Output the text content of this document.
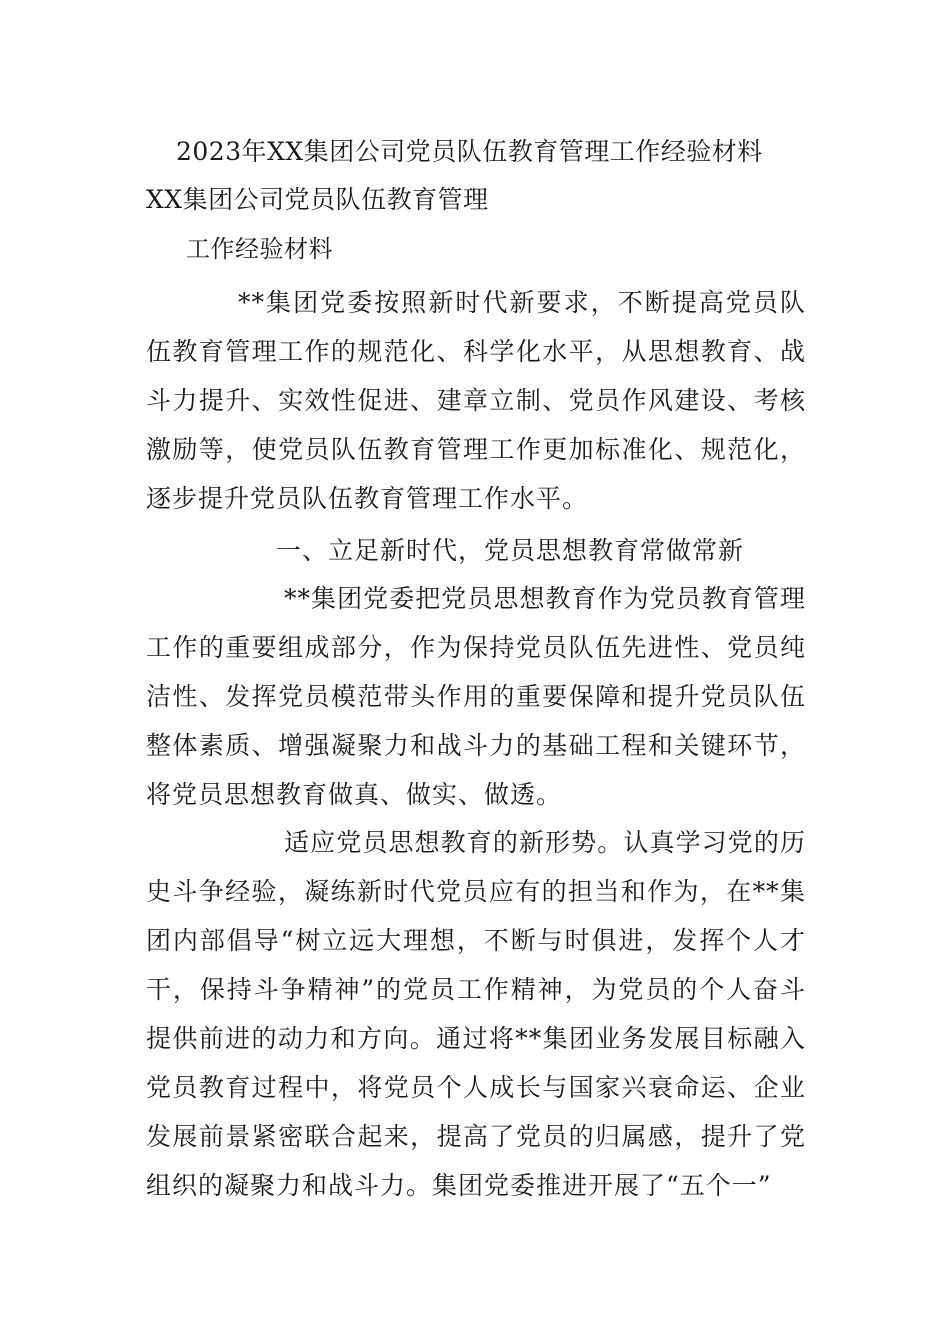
2023年XX集团公司党员队伍教育管理工作经验材料
XX集团公司党员队伍教育管理
工作经验材料

**集团党委按照新时代新要求，不断提高党员队伍教育管理工作的规范化、科学化水平，从思想教育、战斗力提升、实效性促进、建章立制、党员作风建设、考核激励等，使党员队伍教育管理工作更加标准化、规范化，逐步提升党员队伍教育管理工作水平。

一、立足新时代，党员思想教育常做常新

**集团党委把党员思想教育作为党员教育管理工作的重要组成部分，作为保持党员队伍先进性、党员纯洁性、发挥党员模范带头作用的重要保障和提升党员队伍整体素质、增强凝聚力和战斗力的基础工程和关键环节，将党员思想教育做真、做实、做透。

适应党员思想教育的新形势。认真学习党的历史斗争经验，凝练新时代党员应有的担当和作为，在**集团内部倡导“树立远大理想，不断与时俱进，发挥个人才干，保持斗争精神”的党员工作精神，为党员的个人奋斗提供前进的动力和方向。通过将**集团业务发展目标融入党员教育过程中，将党员个人成长与国家兴衰命运、企业发展前景紧密联合起来，提高了党员的归属感，提升了党组织的凝聚力和战斗力。集团党委推进开展了“五个一”
